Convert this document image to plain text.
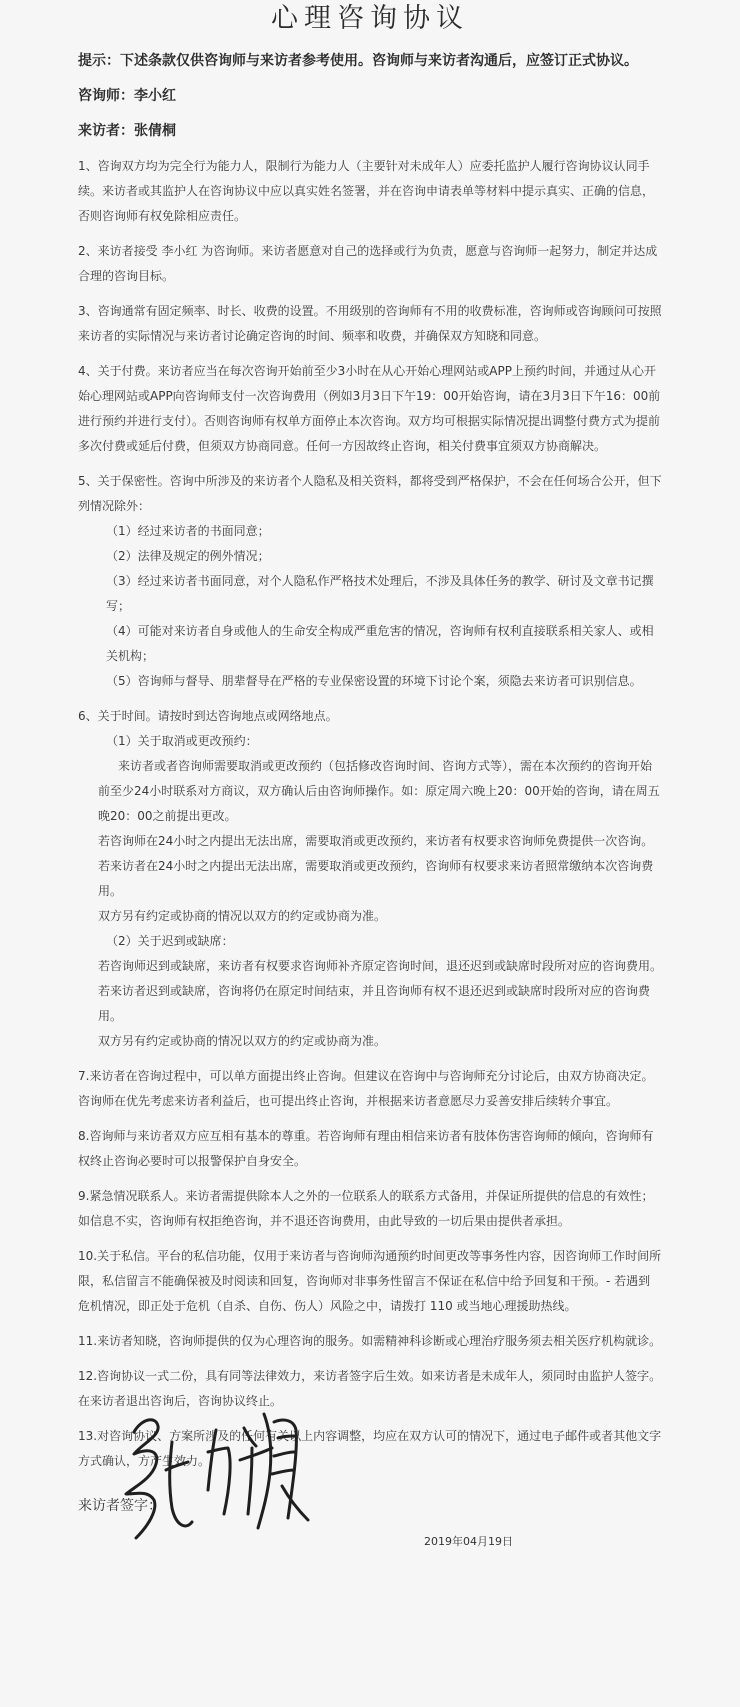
心理咨询协议
提示：下述条款仅供咨询师与来访者参考使用。咨询师与来访者沟通后，应签订正式协议。
咨询师：李小红
来访者：张倩桐

1、咨询双方均为完全行为能力人，限制行为能力人（主要针对未成年人）应委托监护人履行咨询协议认同手续。来访者或其监护人在咨询协议中应以真实姓名签署，并在咨询申请表单等材料中提示真实、正确的信息，否则咨询师有权免除相应责任。

2、来访者接受 李小红 为咨询师。来访者愿意对自己的选择或行为负责，愿意与咨询师一起努力，制定并达成合理的咨询目标。

3、咨询通常有固定频率、时长、收费的设置。不用级别的咨询师有不用的收费标准，咨询师或咨询顾问可按照来访者的实际情况与来访者讨论确定咨询的时间、频率和收费，并确保双方知晓和同意。

4、关于付费。来访者应当在每次咨询开始前至少3小时在从心开始心理网站或APP上预约时间，并通过从心开始心理网站或APP向咨询师支付一次咨询费用（例如3月3日下午19：00开始咨询，请在3月3日下午16：00前进行预约并进行支付）。否则咨询师有权单方面停止本次咨询。双方均可根据实际情况提出调整付费方式为提前多次付费或延后付费，但须双方协商同意。任何一方因故终止咨询，相关付费事宜须双方协商解决。

5、关于保密性。咨询中所涉及的来访者个人隐私及相关资料，都将受到严格保护，不会在任何场合公开，但下列情况除外：
（1）经过来访者的书面同意；
（2）法律及规定的例外情况；
（3）经过来访者书面同意，对个人隐私作严格技术处理后，不涉及具体任务的教学、研讨及文章书记撰写；
（4）可能对来访者自身或他人的生命安全构成严重危害的情况，咨询师有权利直接联系相关家人、或相关机构；
（5）咨询师与督导、朋辈督导在严格的专业保密设置的环境下讨论个案，须隐去来访者可识别信息。
6、关于时间。请按时到达咨询地点或网络地点。
（1）关于取消或更改预约：
来访者或者咨询师需要取消或更改预约（包括修改咨询时间、咨询方式等），需在本次预约的咨询开始前至少24小时联系对方商议，双方确认后由咨询师操作。如：原定周六晚上20：00开始的咨询，请在周五晚20：00之前提出更改。
若咨询师在24小时之内提出无法出席，需要取消或更改预约，来访者有权要求咨询师免费提供一次咨询。
若来访者在24小时之内提出无法出席，需要取消或更改预约，咨询师有权要求来访者照常缴纳本次咨询费用。
双方另有约定或协商的情况以双方的约定或协商为准。
（2）关于迟到或缺席：
若咨询师迟到或缺席，来访者有权要求咨询师补齐原定咨询时间，退还迟到或缺席时段所对应的咨询费用。
若来访者迟到或缺席，咨询将仍在原定时间结束，并且咨询师有权不退还迟到或缺席时段所对应的咨询费用。
双方另有约定或协商的情况以双方的约定或协商为准。

7.来访者在咨询过程中，可以单方面提出终止咨询。但建议在咨询中与咨询师充分讨论后，由双方协商决定。咨询师在优先考虑来访者利益后，也可提出终止咨询，并根据来访者意愿尽力妥善安排后续转介事宜。

8.咨询师与来访者双方应互相有基本的尊重。若咨询师有理由相信来访者有肢体伤害咨询师的倾向，咨询师有权终止咨询必要时可以报警保护自身安全。

9.紧急情况联系人。来访者需提供除本人之外的一位联系人的联系方式备用，并保证所提供的信息的有效性；如信息不实，咨询师有权拒绝咨询，并不退还咨询费用，由此导致的一切后果由提供者承担。

10.关于私信。平台的私信功能，仅用于来访者与咨询师沟通预约时间更改等事务性内容，因咨询师工作时间所限，私信留言不能确保被及时阅读和回复，咨询师对非事务性留言不保证在私信中给予回复和干预。- 若遇到危机情况，即正处于危机（自杀、自伤、伤人）风险之中，请拨打 110 或当地心理援助热线。

11.来访者知晓，咨询师提供的仅为心理咨询的服务。如需精神科诊断或心理治疗服务须去相关医疗机构就诊。

12.咨询协议一式二份，具有同等法律效力，来访者签字后生效。如来访者是未成年人，须同时由监护人签字。在来访者退出咨询后，咨询协议终止。

13.对咨询协议、方案所涉及的任何有关以上内容调整，均应在双方认可的情况下，通过电子邮件或者其他文字方式确认，方产生效力。

来访者签字：
2019年04月19日
